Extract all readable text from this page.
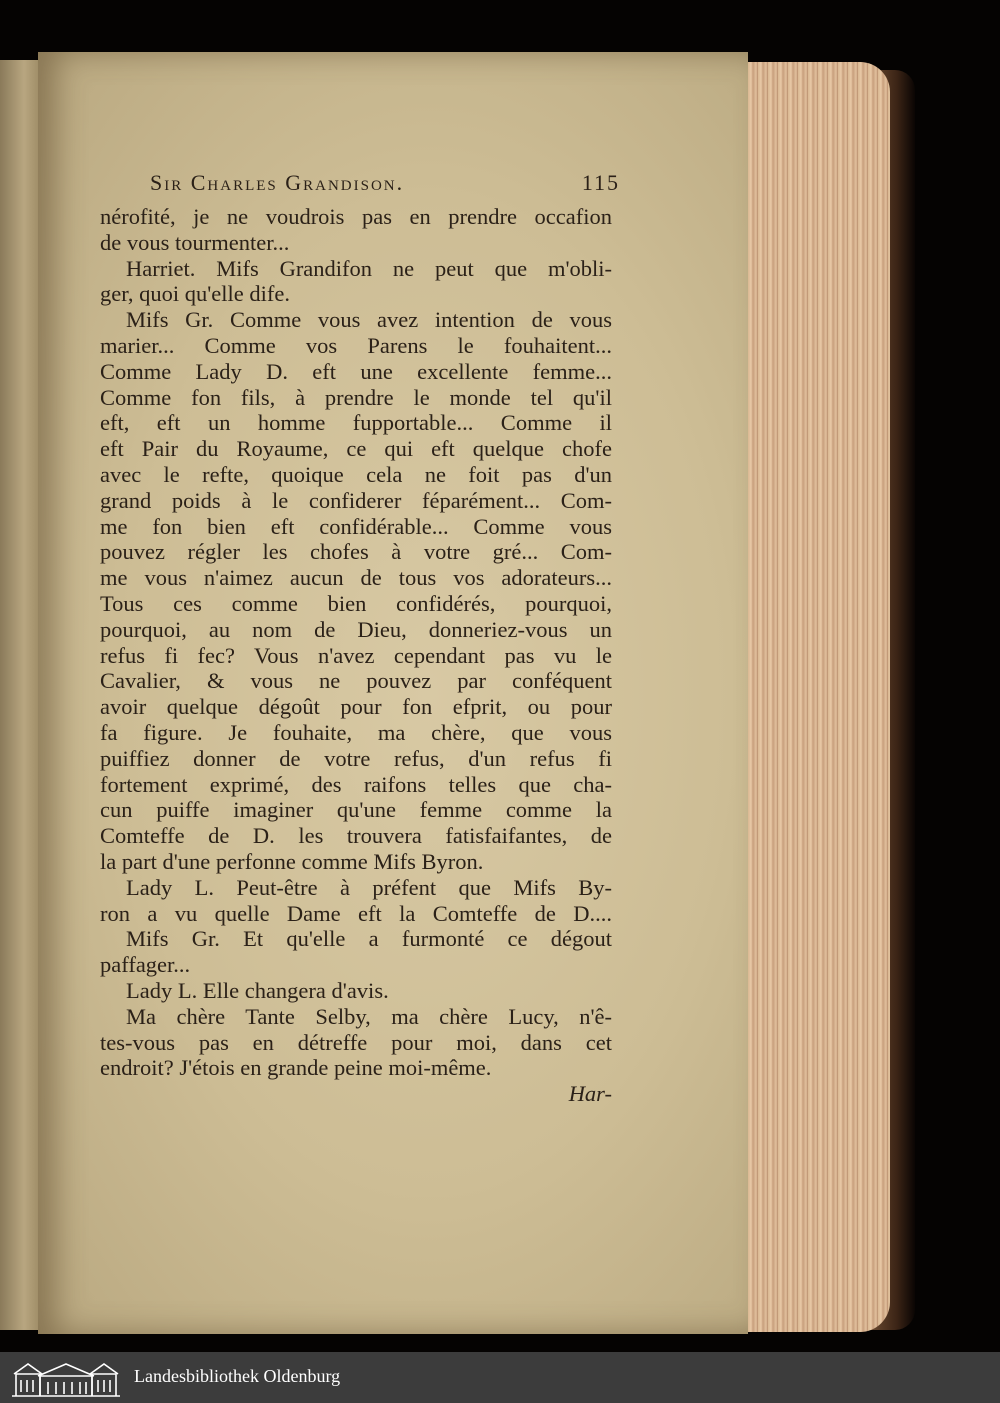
Sir Charles Grandison.	115
nérofité, je ne voudrois pas en prendre occafion
de vous tourmenter...
Harriet. Mifs Grandifon ne peut que m'obli-
ger, quoi qu'elle dife.
Mifs Gr. Comme vous avez intention de vous
marier... Comme vos Parens le fouhaitent...
Comme Lady D. eft une excellente femme...
Comme fon fils, à prendre le monde tel qu'il
eft, eft un homme fupportable... Comme il
eft Pair du Royaume, ce qui eft quelque chofe
avec le refte, quoique cela ne foit pas d'un
grand poids à le confiderer féparément... Com-
me fon bien eft confidérable... Comme vous
pouvez régler les chofes à votre gré... Com-
me vous n'aimez aucun de tous vos adorateurs...
Tous ces comme bien confidérés, pourquoi,
pourquoi, au nom de Dieu, donneriez-vous un
refus fi fec? Vous n'avez cependant pas vu le
Cavalier, & vous ne pouvez par conféquent
avoir quelque dégoût pour fon efprit, ou pour
fa figure. Je fouhaite, ma chère, que vous
puiffiez donner de votre refus, d'un refus fi
fortement exprimé, des raifons telles que cha-
cun puiffe imaginer qu'une femme comme la
Comteffe de D. les trouvera fatisfaifantes, de
la part d'une perfonne comme Mifs Byron.
Lady L. Peut-être à préfent que Mifs By-
ron a vu quelle Dame eft la Comteffe de D....
Mifs Gr. Et qu'elle a furmonté ce dégout
paffager...
Lady L. Elle changera d'avis.
Ma chère Tante Selby, ma chère Lucy, n'ê-
tes-vous pas en détreffe pour moi, dans cet
endroit? J'étois en grande peine moi-même.
Har-
Landesbibliothek Oldenburg
